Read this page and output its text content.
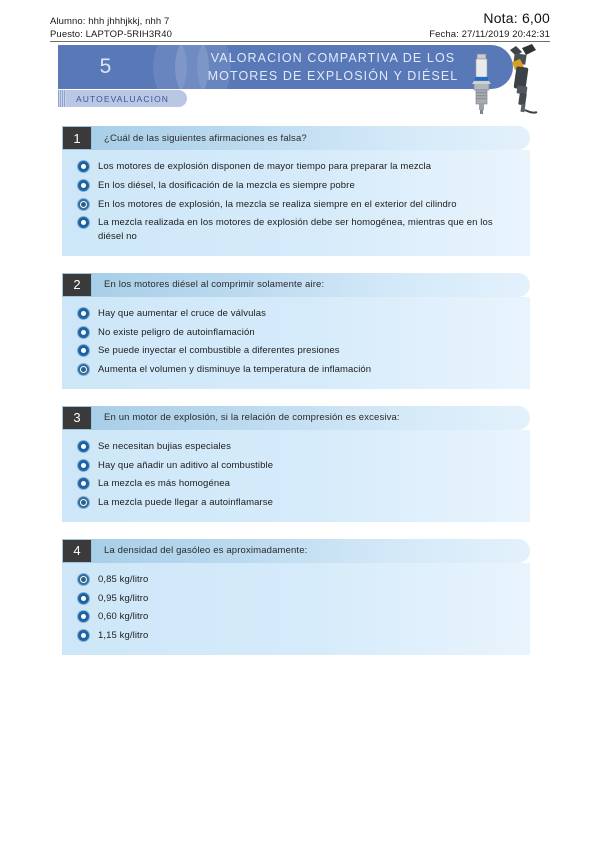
Alumno: hhh jhhhjkkj, nhh 7	Nota: 6,00
Puesto: LAPTOP-5RIH3R40	Fecha: 27/11/2019 20:42:31
5	VALORACION COMPARTIVA DE LOS
MOTORES DE EXPLOSIÓN Y DIÉSEL
AUTOEVALUACION
1	¿Cuál de las siguientes afirmaciones es falsa?
Los motores de explosión disponen de mayor tiempo para preparar la mezcla
En los diésel, la dosificación de la mezcla es siempre pobre
En los motores de explosión, la mezcla se realiza siempre en el exterior del cilindro
La mezcla realizada en los motores de explosión debe ser homogénea, mientras que en los diésel no
2	En los motores diésel al comprimir solamente aire:
Hay que aumentar el cruce de válvulas
No existe peligro de autoinflamación
Se puede inyectar el combustible a diferentes presiones
Aumenta el volumen y disminuye la temperatura de inflamación
3	En un motor de explosión, si la relación de compresión es excesiva:
Se necesitan bujias especiales
Hay que añadir un aditivo al combustible
La mezcla es más homogénea
La mezcla puede llegar a autoinflamarse
4	La densidad del gasóleo es aproximadamente:
0,85 kg/litro
0,95 kg/litro
0,60 kg/litro
1,15 kg/litro
